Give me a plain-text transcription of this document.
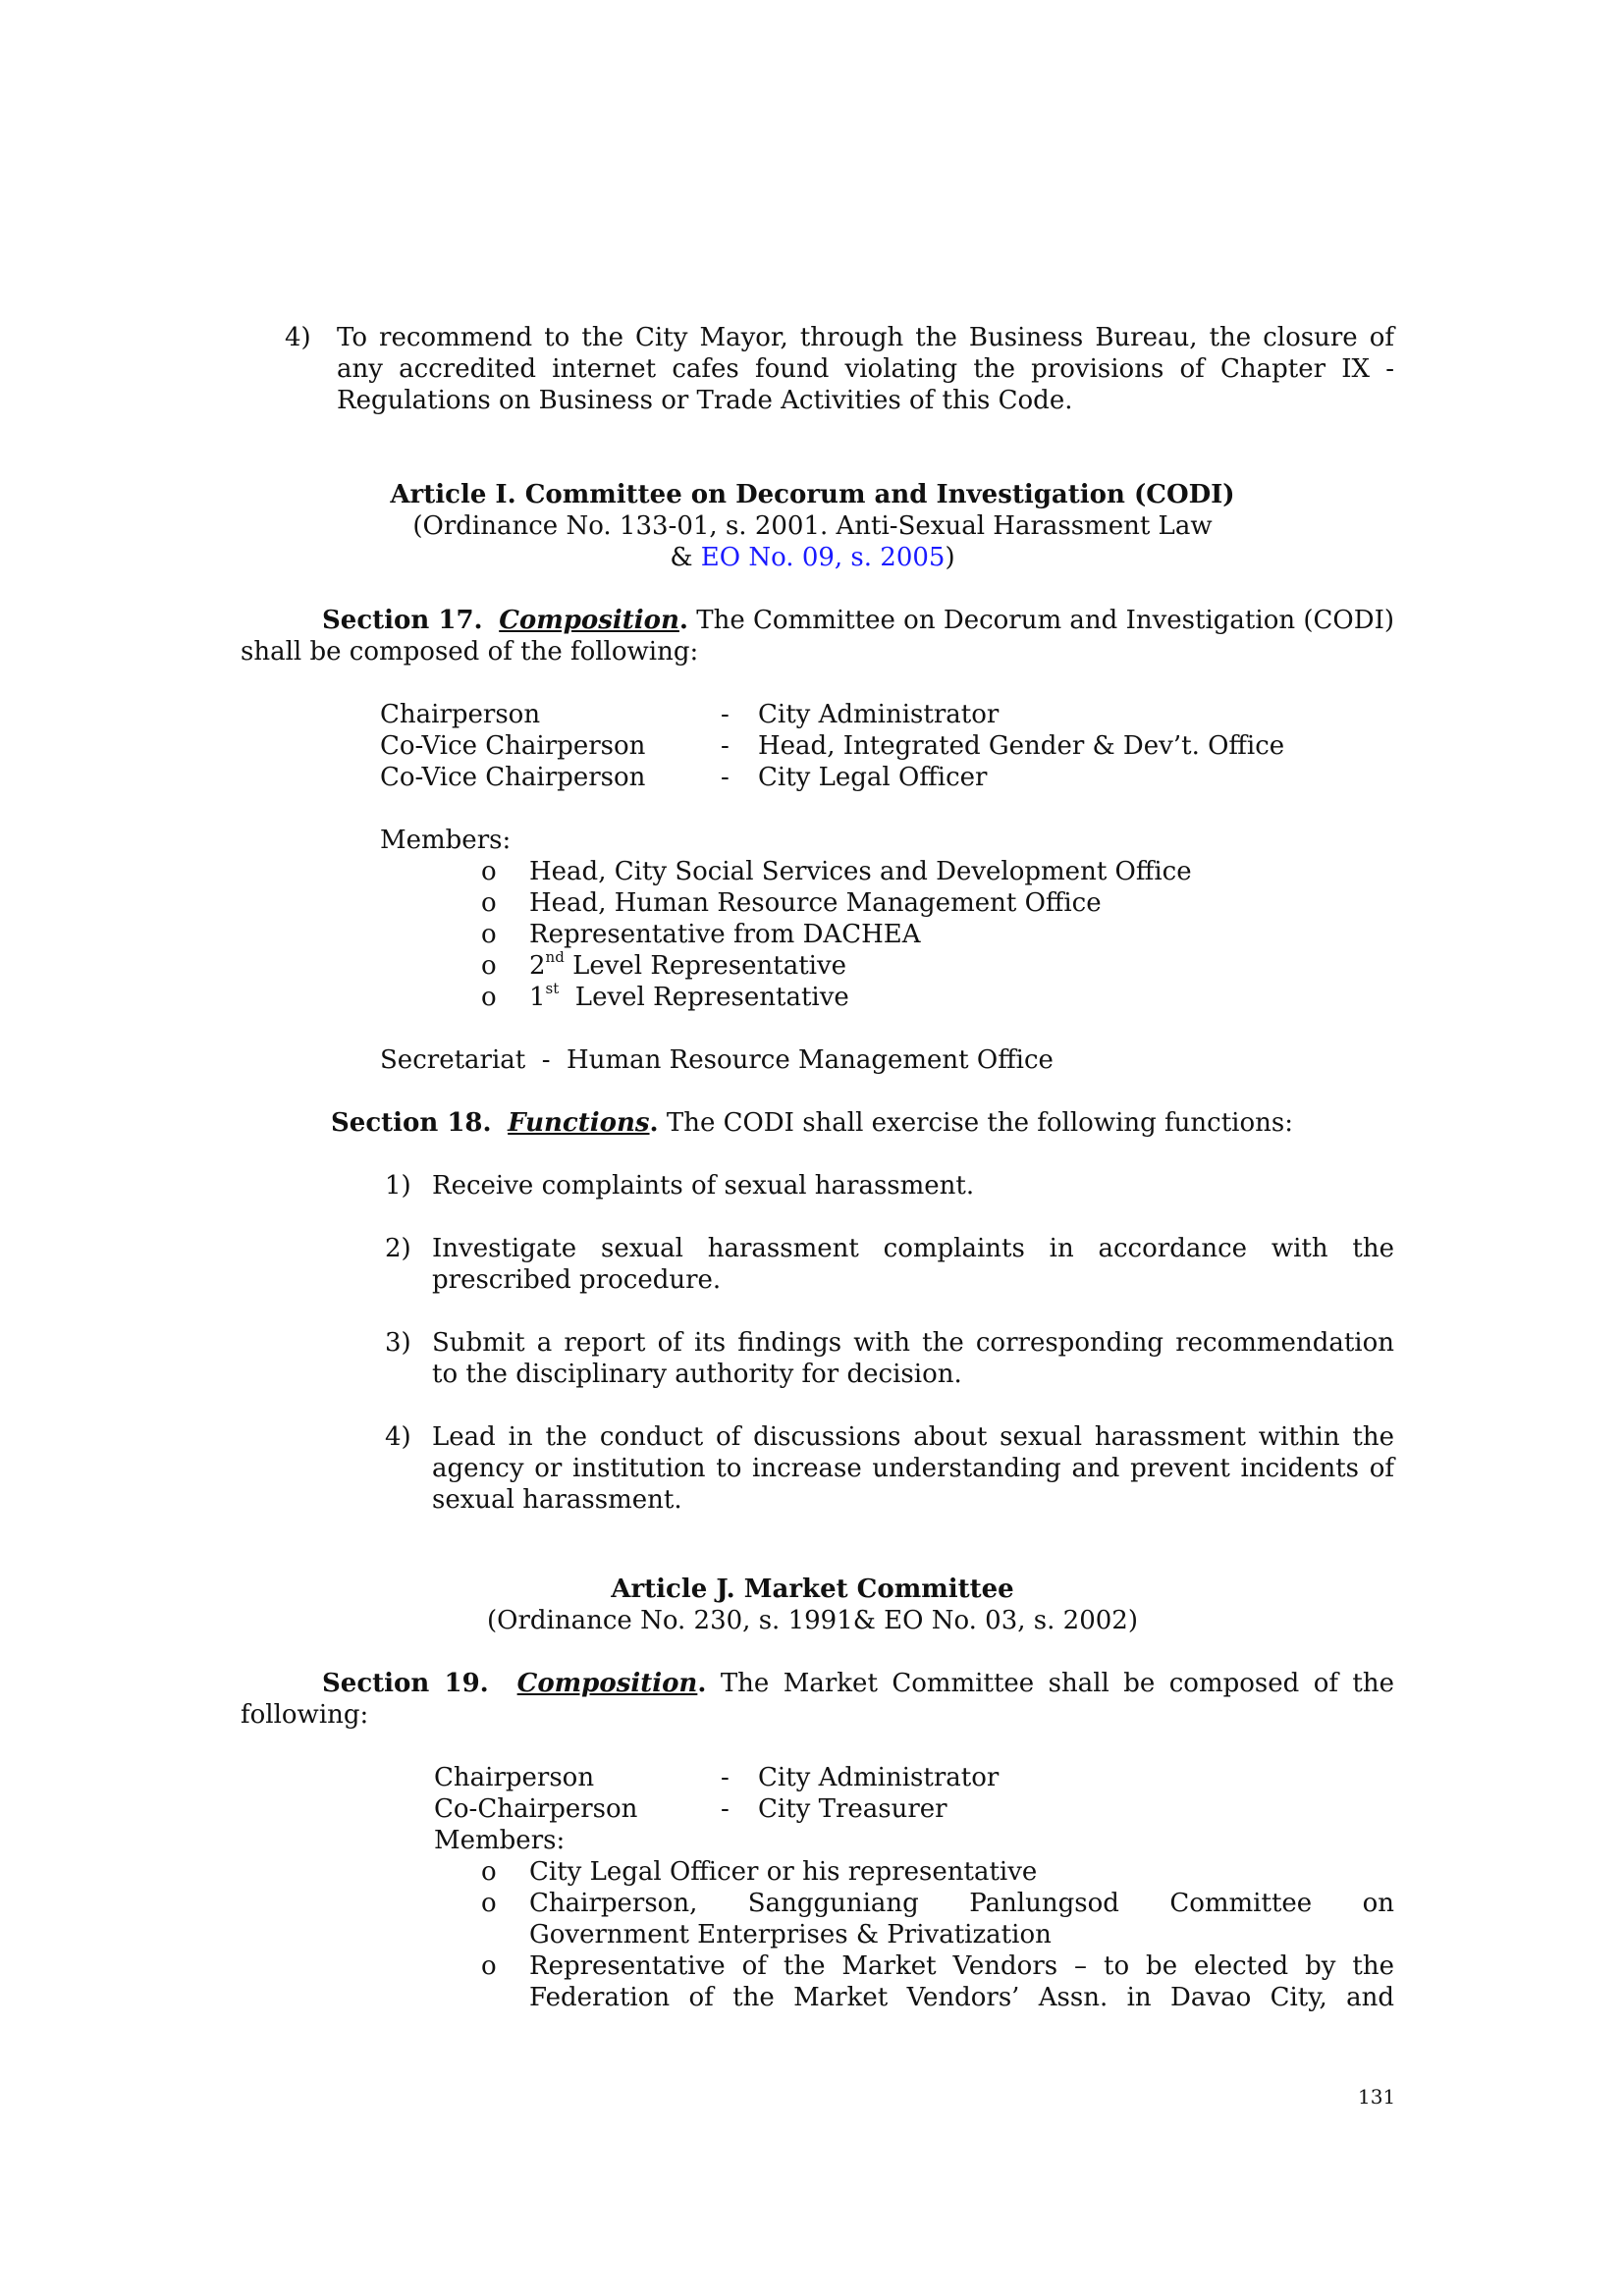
4) To recommend to the City Mayor, through the Business Bureau, the closure of
any accredited internet cafes found violating the provisions of Chapter IX -
Regulations on Business or Trade Activities of this Code.
Article I. Committee on Decorum and Investigation (CODI)
(Ordinance No. 133-01, s. 2001. Anti-Sexual Harassment Law
& EO No. 09, s. 2005)
Section 17. Composition. The Committee on Decorum and Investigation (CODI)
shall be composed of the following:
Chairperson	- City Administrator
Co-Vice Chairperson	- Head, Integrated Gender & Dev’t. Office
Co-Vice Chairperson	- City Legal Officer
Members:
o Head, City Social Services and Development Office
o Head, Human Resource Management Office
o Representative from DACHEA
o 2nd Level Representative
o 1st  Level Representative
Secretariat  -  Human Resource Management Office
Section 18. Functions. The CODI shall exercise the following functions:
1) Receive complaints of sexual harassment.
2) Investigate sexual harassment complaints in accordance with the
prescribed procedure.
3) Submit a report of its findings with the corresponding recommendation
to the disciplinary authority for decision.
4) Lead in the conduct of discussions about sexual harassment within the
agency or institution to increase understanding and prevent incidents of
sexual harassment.
Article J. Market Committee
(Ordinance No. 230, s. 1991& EO No. 03, s. 2002)
Section 19. Composition. The Market Committee shall be composed of the
following:
Chairperson	- City Administrator
Co-Chairperson	- City Treasurer
Members:
o City Legal Officer or his representative
o Chairperson, Sangguniang Panlungsod Committee on
Government Enterprises & Privatization
o Representative of the Market Vendors – to be elected by the
Federation of the Market Vendors’ Assn. in Davao City, and
131
